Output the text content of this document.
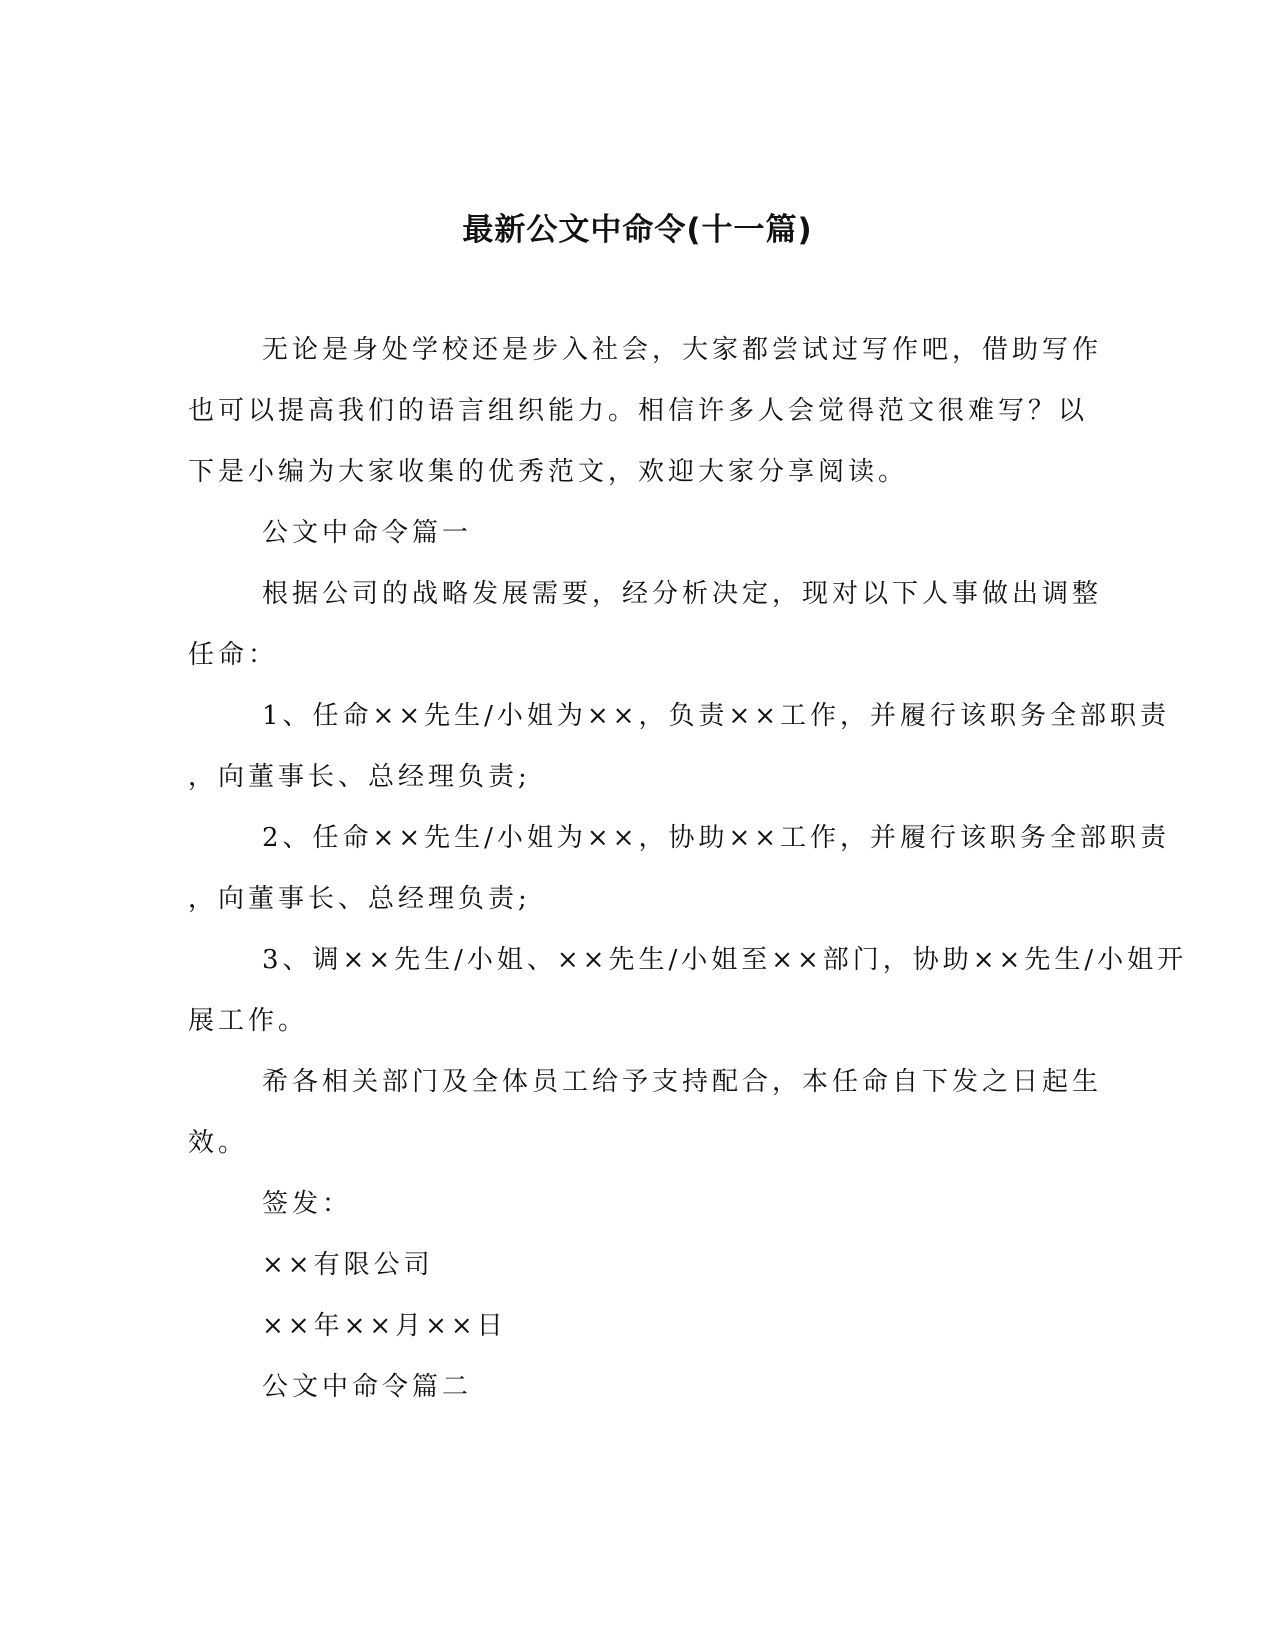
最新公文中命令(十一篇)

无论是身处学校还是步入社会，大家都尝试过写作吧，借助写作

也可以提高我们的语言组织能力。相信许多人会觉得范文很难写？以

下是小编为大家收集的优秀范文，欢迎大家分享阅读。

公文中命令篇一

根据公司的战略发展需要，经分析决定，现对以下人事做出调整

任命：

1、任命××先生/小姐为××，负责××工作，并履行该职务全部职责

，向董事长、总经理负责;

2、任命××先生/小姐为××，协助××工作，并履行该职务全部职责

，向董事长、总经理负责;

3、调××先生/小姐、××先生/小姐至××部门，协助××先生/小姐开

展工作。

希各相关部门及全体员工给予支持配合，本任命自下发之日起生

效。

签发：

××有限公司

××年××月××日

公文中命令篇二
